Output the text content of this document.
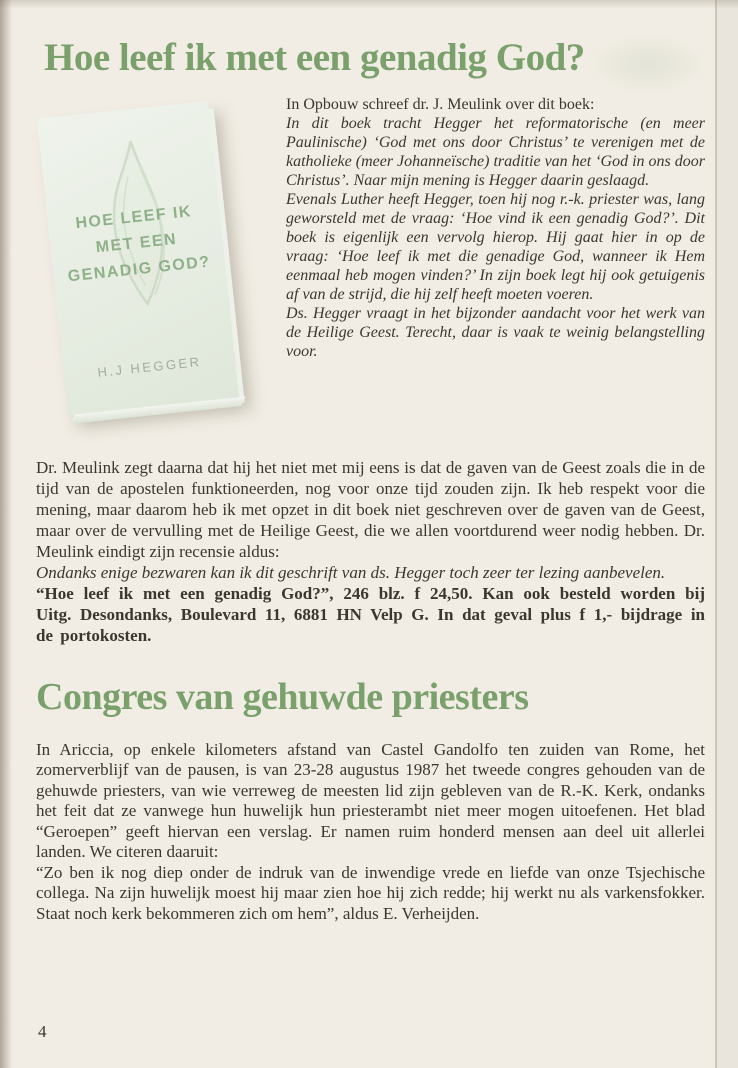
Hoe leef ik met een genadig God?
HOE LEEF IK
MET EEN
GENADIG GOD?
H.J HEGGER

In Opbouw schreef dr. J. Meulink over dit boek:

In dit boek tracht Hegger het reformatorische (en meer Paulinische) ‘God met ons door Christus’ te verenigen met de katholieke (meer Johanneïsche) traditie van het ‘God in ons door Christus’. Naar mijn mening is Hegger daarin geslaagd.

Evenals Luther heeft Hegger, toen hij nog r.-k. priester was, lang geworsteld met de vraag: ‘Hoe vind ik een genadig God?’. Dit boek is eigenlijk een vervolg hierop. Hij gaat hier in op de vraag: ‘Hoe leef ik met die genadige God, wanneer ik Hem eenmaal heb mogen vinden?’ In zijn boek legt hij ook getuigenis af van de strijd, die hij zelf heeft moeten voeren.

Ds. Hegger vraagt in het bijzonder aandacht voor het werk van de Heilige Geest. Terecht, daar is vaak te weinig belangstelling voor.

Dr. Meulink zegt daarna dat hij het niet met mij eens is dat de gaven van de Geest zoals die in de tijd van de apostelen funktioneerden, nog voor onze tijd zouden zijn. Ik heb respekt voor die mening, maar daarom heb ik met opzet in dit boek niet geschreven over de gaven van de Geest, maar over de vervulling met de Heilige Geest, die we allen voortdurend weer nodig hebben. Dr. Meulink eindigt zijn recensie aldus:

Ondanks enige bezwaren kan ik dit geschrift van ds. Hegger toch zeer ter lezing aanbevelen.

“Hoe leef ik met een genadig God?”, 246 blz. f 24,50. Kan ook besteld worden bij Uitg. Desondanks, Boulevard 11, 6881 HN Velp G. In dat geval plus f 1,- bijdrage in de portokosten.

Congres van gehuwde priesters

In Ariccia, op enkele kilometers afstand van Castel Gandolfo ten zuiden van Rome, het zomerverblijf van de pausen, is van 23-28 augustus 1987 het tweede congres gehouden van de gehuwde priesters, van wie verreweg de meesten lid zijn gebleven van de R.-K. Kerk, ondanks het feit dat ze vanwege hun huwelijk hun priesterambt niet meer mogen uitoefenen. Het blad “Geroepen” geeft hiervan een verslag. Er namen ruim honderd mensen aan deel uit allerlei landen. We citeren daaruit:

“Zo ben ik nog diep onder de indruk van de inwendige vrede en liefde van onze Tsjechische collega. Na zijn huwelijk moest hij maar zien hoe hij zich redde; hij werkt nu als varkensfokker. Staat noch kerk bekommeren zich om hem”, aldus E. Verheijden.

4
